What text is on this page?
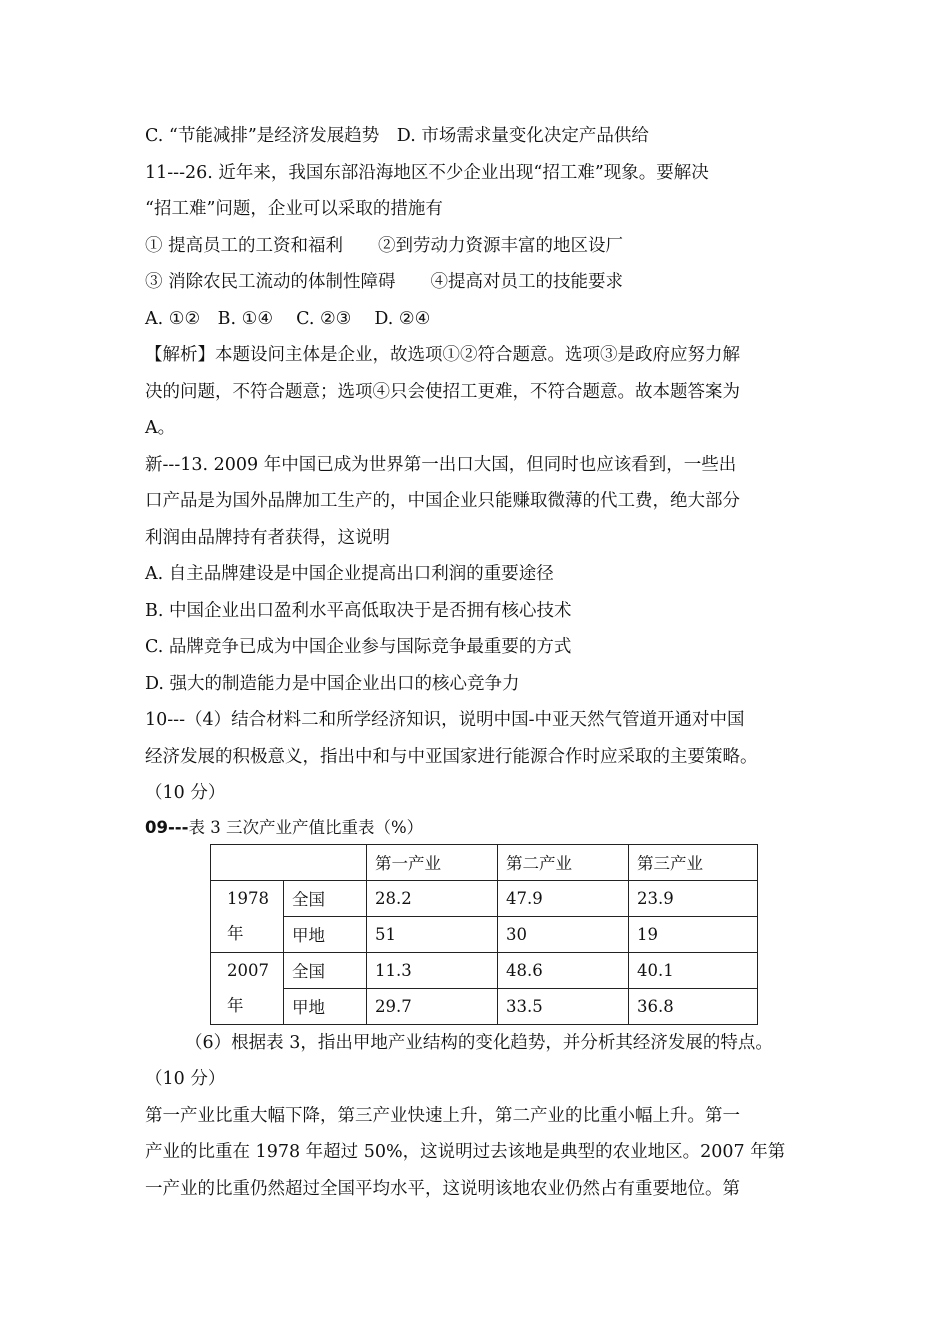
C. “节能减排”是经济发展趋势　D. 市场需求量变化决定产品供给
11---26. 近年来，我国东部沿海地区不少企业出现“招工难”现象。要解决
“招工难”问题，企业可以采取的措施有
① 提高员工的工资和福利　　②到劳动力资源丰富的地区设厂
③ 消除农民工流动的体制性障碍　　④提高对员工的技能要求
A. ①②　B. ①④　 C. ②③　 D. ②④
【解析】本题设问主体是企业，故选项①②符合题意。选项③是政府应努力解
决的问题，不符合题意；选项④只会使招工更难，不符合题意。故本题答案为
A。
新---13. 2009 年中国已成为世界第一出口大国，但同时也应该看到，一些出
口产品是为国外品牌加工生产的，中国企业只能赚取微薄的代工费，绝大部分
利润由品牌持有者获得，这说明
A. 自主品牌建设是中国企业提高出口利润的重要途径
B. 中国企业出口盈利水平高低取决于是否拥有核心技术
C. 品牌竞争已成为中国企业参与国际竞争最重要的方式
D. 强大的制造能力是中国企业出口的核心竞争力
10---（4）结合材料二和所学经济知识，说明中国-中亚天然气管道开通对中国
经济发展的积极意义，指出中和与中亚国家进行能源合作时应采取的主要策略。
（10 分）
09---表 3 三次产业产值比重表（%）
		第一产业	第二产业	第三产业

1978
年	全国	28.2	47.9	23.9
	甲地	51	30	19

2007
年	全国	11.3	48.6	40.1
	甲地	29.7	33.5	36.8
（6）根据表 3，指出甲地产业结构的变化趋势，并分析其经济发展的特点。
（10 分）
第一产业比重大幅下降，第三产业快速上升，第二产业的比重小幅上升。第一
产业的比重在 1978 年超过 50%，这说明过去该地是典型的农业地区。2007 年第
一产业的比重仍然超过全国平均水平，这说明该地农业仍然占有重要地位。第
